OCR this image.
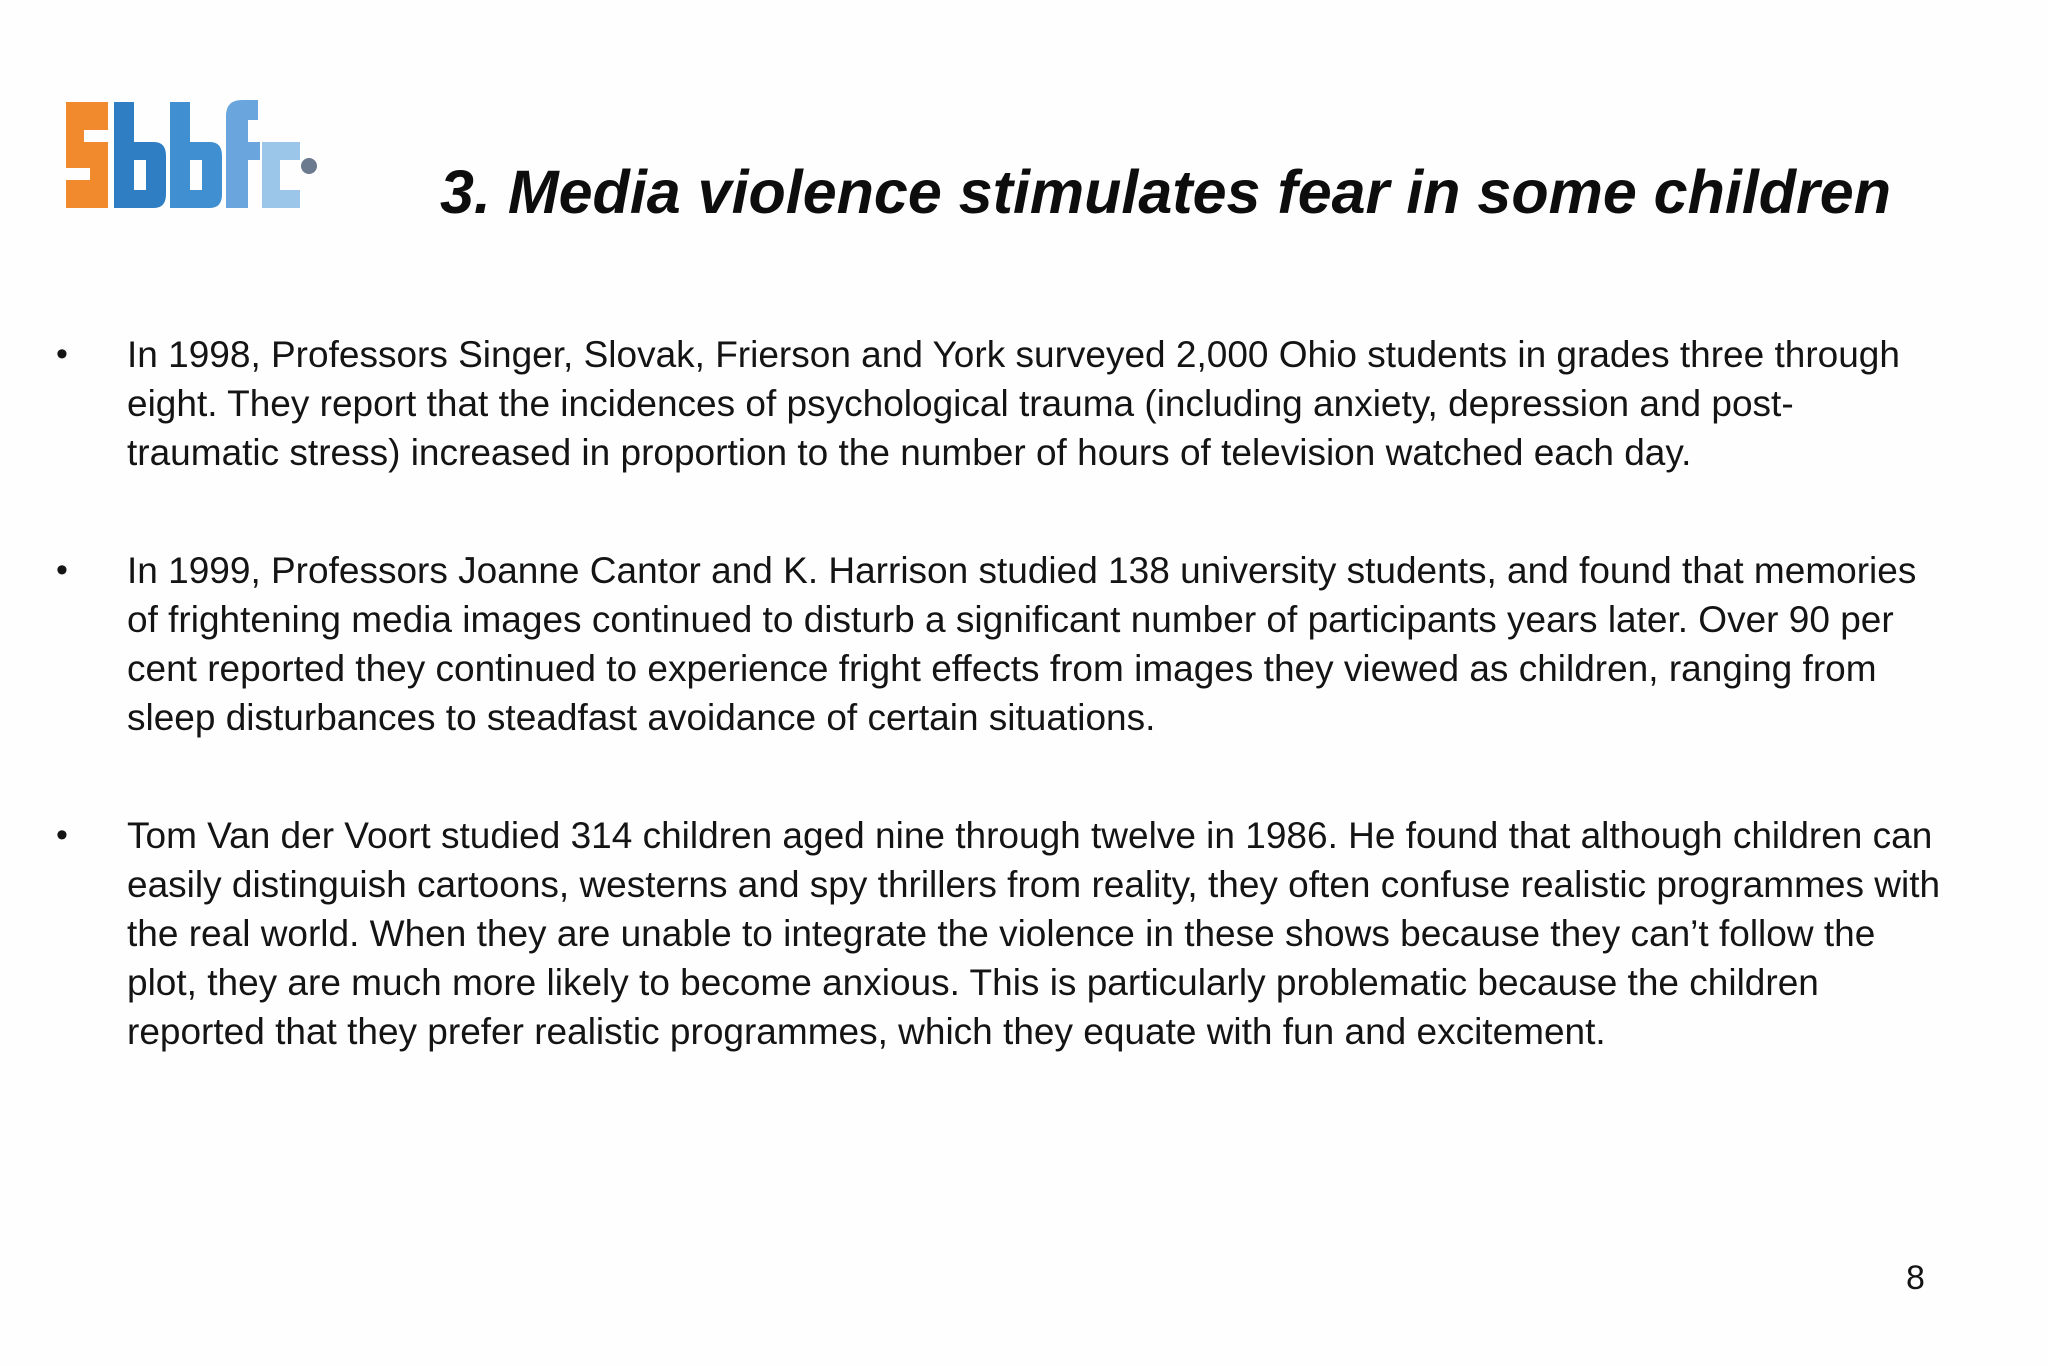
3. Media violence stimulates fear in some children
• In 1998, Professors Singer, Slovak, Frierson and York surveyed 2,000 Ohio students in grades three through eight. They report that the incidences of psychological trauma (including anxiety, depression and post-traumatic stress) increased in proportion to the number of hours of television watched each day.
• In 1999, Professors Joanne Cantor and K. Harrison studied 138 university students, and found that memories of frightening media images continued to disturb a significant number of participants years later. Over 90 per cent reported they continued to experience fright effects from images they viewed as children, ranging from sleep disturbances to steadfast avoidance of certain situations.
• Tom Van der Voort studied 314 children aged nine through twelve in 1986. He found that although children can easily distinguish cartoons, westerns and spy thrillers from reality, they often confuse realistic programmes with the real world. When they are unable to integrate the violence in these shows because they can’t follow the plot, they are much more likely to become anxious. This is particularly problematic because the children reported that they prefer realistic programmes, which they equate with fun and excitement.
8
